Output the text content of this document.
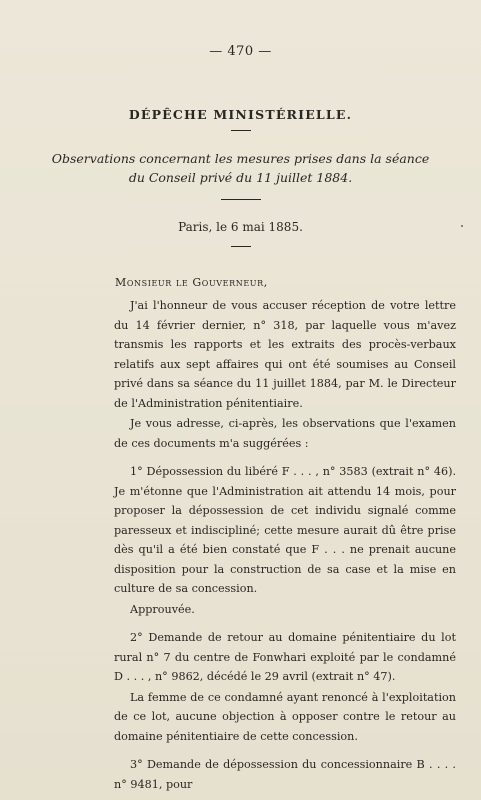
— 470 —
DÉPÊCHE MINISTÉRIELLE.
Observations concernant les mesures prises dans la séance
du Conseil privé du 11 juillet 1884.
Paris, le 6 mai 1885.
Monsieur le Gouverneur,

J'ai l'honneur de vous accuser réception de votre lettre du 14 février dernier, n° 318, par laquelle vous m'avez transmis les rapports et les extraits des procès-verbaux relatifs aux sept affaires qui ont été soumises au Conseil privé dans sa séance du 11 juillet 1884, par M. le Directeur de l'Administration pénitentiaire.

Je vous adresse, ci-après, les observations que l'examen de ces documents m'a suggérées :

1° Dépossession du libéré F . . . , n° 3583 (extrait n° 46). Je m'étonne que l'Administration ait attendu 14 mois, pour proposer la dépossession de cet individu signalé comme paresseux et indiscipliné; cette mesure aurait dû être prise dès qu'il a été bien constaté que F . . . ne prenait aucune disposition pour la construction de sa case et la mise en culture de sa concession.

Approuvée.

2° Demande de retour au domaine pénitentiaire du lot rural n° 7 du centre de Fonwhari exploité par le condamné D . . . , n° 9862, décédé le 29 avril (extrait n° 47).

La femme de ce condamné ayant renoncé à l'exploitation de ce lot, aucune objection à opposer contre le retour au domaine pénitentiaire de cette concession.

3° Demande de dépossession du concessionnaire B . . . . n° 9481, pour
